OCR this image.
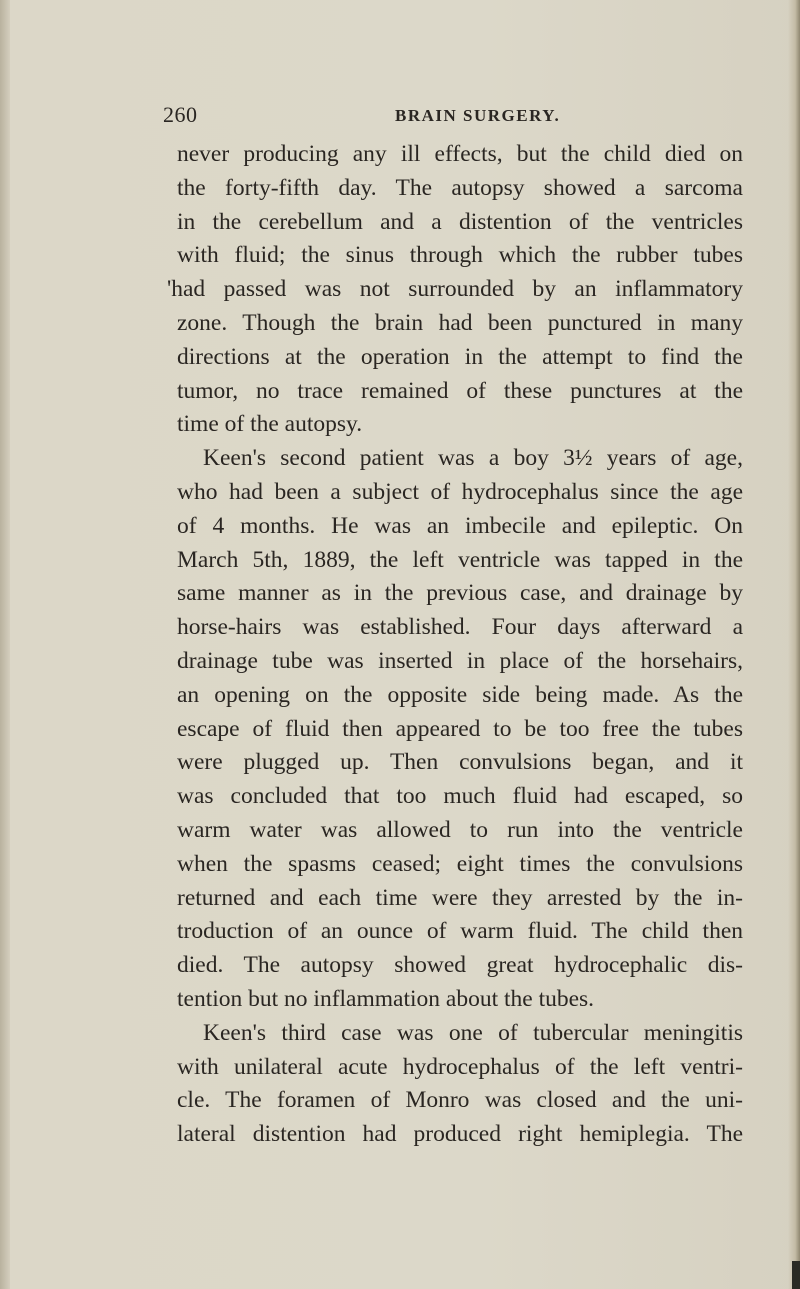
260	BRAIN SURGERY.
never producing any ill effects, but the child died on
the forty-fifth day. The autopsy showed a sarcoma
in the cerebellum and a distention of the ventricles
with fluid; the sinus through which the rubber tubes
'had passed was not surrounded by an inflammatory
zone. Though the brain had been punctured in many
directions at the operation in the attempt to find the
tumor, no trace remained of these punctures at the
time of the autopsy.
Keen's second patient was a boy 3½ years of age,
who had been a subject of hydrocephalus since the age
of 4 months. He was an imbecile and epileptic. On
March 5th, 1889, the left ventricle was tapped in the
same manner as in the previous case, and drainage by
horse-hairs was established. Four days afterward a
drainage tube was inserted in place of the horsehairs,
an opening on the opposite side being made. As the
escape of fluid then appeared to be too free the tubes
were plugged up. Then convulsions began, and it
was concluded that too much fluid had escaped, so
warm water was allowed to run into the ventricle
when the spasms ceased; eight times the convulsions
returned and each time were they arrested by the in-
troduction of an ounce of warm fluid. The child then
died. The autopsy showed great hydrocephalic dis-
tention but no inflammation about the tubes.
Keen's third case was one of tubercular meningitis
with unilateral acute hydrocephalus of the left ventri-
cle. The foramen of Monro was closed and the uni-
lateral distention had produced right hemiplegia. The
